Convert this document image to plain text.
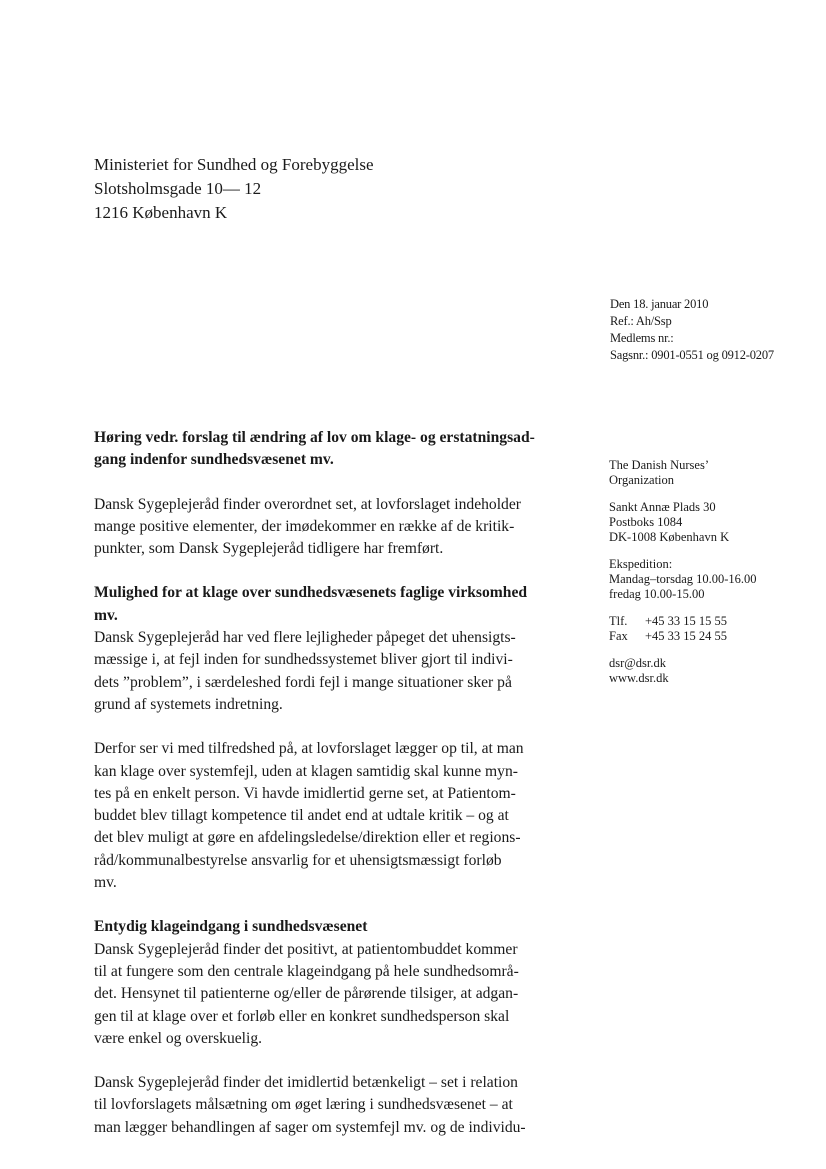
Ministeriet for Sundhed og Forebyggelse
Slotsholmsgade 10— 12
1216 København K
Den 18. januar 2010
Ref.: Ah/Ssp
Medlems nr.:
Sagsnr.: 0901-0551 og 0912-0207
The Danish Nurses’
Organization
Sankt Annæ Plads 30
Postboks 1084
DK-1008 København K
Ekspedition:
Mandag–torsdag 10.00-16.00
fredag 10.00-15.00
Tlf.	+45 33 15 15 55
Fax	+45 33 15 24 55
dsr@dsr.dk
www.dsr.dk
Høring vedr. forslag til ændring af lov om klage- og erstatningsad-
gang indenfor sundhedsvæsenet mv.
Dansk Sygeplejeråd finder overordnet set, at lovforslaget indeholder
mange positive elementer, der imødekommer en række af de kritik-
punkter, som Dansk Sygeplejeråd tidligere har fremført.
Mulighed for at klage over sundhedsvæsenets faglige virksomhed
mv.
Dansk Sygeplejeråd har ved flere lejligheder påpeget det uhensigts-
mæssige i, at fejl inden for sundhedssystemet bliver gjort til indivi-
dets ”problem”, i særdeleshed fordi fejl i mange situationer sker på
grund af systemets indretning.
Derfor ser vi med tilfredshed på, at lovforslaget lægger op til, at man
kan klage over systemfejl, uden at klagen samtidig skal kunne myn-
tes på en enkelt person. Vi havde imidlertid gerne set, at Patientom-
buddet blev tillagt kompetence til andet end at udtale kritik – og at
det blev muligt at gøre en afdelingsledelse/direktion eller et regions-
råd/kommunalbestyrelse ansvarlig for et uhensigtsmæssigt forløb
mv.
Entydig klageindgang i sundhedsvæsenet
Dansk Sygeplejeråd finder det positivt, at patientombuddet kommer
til at fungere som den centrale klageindgang på hele sundhedsområ-
det. Hensynet til patienterne og/eller de pårørende tilsiger, at adgan-
gen til at klage over et forløb eller en konkret sundhedsperson skal
være enkel og overskuelig.
Dansk Sygeplejeråd finder det imidlertid betænkeligt – set i relation
til lovforslagets målsætning om øget læring i sundhedsvæsenet – at
man lægger behandlingen af sager om systemfejl mv. og de individu-
